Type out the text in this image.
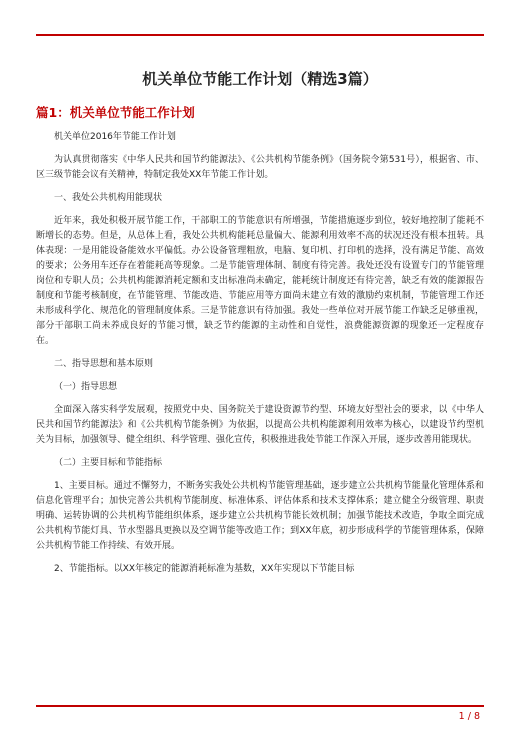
机关单位节能工作计划（精选3篇）
篇1：机关单位节能工作计划

机关单位2016年节能工作计划

为认真贯彻落实《中华人民共和国节约能源法》、《公共机构节能条例》（国务院令第531号），根据省、市、区三级节能会议有关精神，特制定我处XX年节能工作计划。

一、我处公共机构用能现状

近年来，我处积极开展节能工作，干部职工的节能意识有所增强，节能措施逐步到位，较好地控制了能耗不断增长的态势。但是，从总体上看，我处公共机构能耗总量偏大、能源利用效率不高的状况还没有根本扭转。具体表现：一是用能设备能效水平偏低。办公设备管理粗放，电脑、复印机、打印机的选择，没有满足节能、高效的要求；公务用车还存在着能耗高等现象。二是节能管理体制、制度有待完善。我处还没有设置专门的节能管理岗位和专职人员；公共机构能源消耗定额和支出标准尚未确定，能耗统计制度还有待完善，缺乏有效的能源报告制度和节能考核制度，在节能管理、节能改造、节能应用等方面尚未建立有效的激励约束机制，节能管理工作还未形成科学化、规范化的管理制度体系。三是节能意识有待加强。我处一些单位对开展节能工作缺乏足够重视，部分干部职工尚未养成良好的节能习惯，缺乏节约能源的主动性和自觉性，浪费能源资源的现象还一定程度存在。

二、指导思想和基本原则

（一）指导思想

全面深入落实科学发展观，按照党中央、国务院关于建设资源节约型、环境友好型社会的要求，以《中华人民共和国节约能源法》和《公共机构节能条例》为依据，以提高公共机构能源利用效率为核心，以建设节约型机关为目标，加强领导、健全组织、科学管理、强化宣传，积极推进我处节能工作深入开展，逐步改善用能现状。

（二）主要目标和节能指标

1、主要目标。通过不懈努力，不断务实我处公共机构节能管理基础，逐步建立公共机构节能量化管理体系和信息化管理平台；加快完善公共机构节能制度、标准体系、评估体系和技术支撑体系；建立健全分级管理、职责明确、运转协调的公共机构节能组织体系，逐步建立公共机构节能长效机制；加强节能技术改造，争取全面完成公共机构节能灯具、节水型器具更换以及空调节能等改造工作；到XX年底，初步形成科学的节能管理体系，保障公共机构节能工作持续、有效开展。

2、节能指标。以XX年核定的能源消耗标准为基数，XX年实现以下节能目标

1 / 8
